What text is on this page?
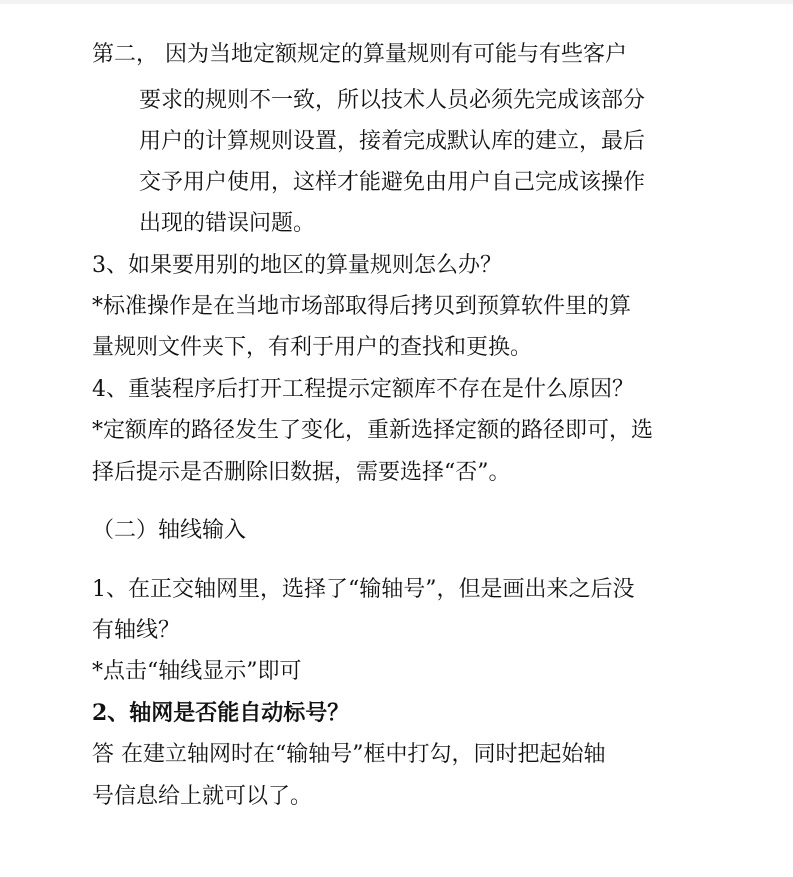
第二， 因为当地定额规定的算量规则有可能与有些客户
要求的规则不一致，所以技术人员必须先完成该部分
用户的计算规则设置，接着完成默认库的建立，最后
交予用户使用，这样才能避免由用户自己完成该操作
出现的错误问题。
3、如果要用别的地区的算量规则怎么办？
*标准操作是在当地市场部取得后拷贝到预算软件里的算
量规则文件夹下，有利于用户的查找和更换。
4、重装程序后打开工程提示定额库不存在是什么原因？
*定额库的路径发生了变化，重新选择定额的路径即可，选
择后提示是否删除旧数据，需要选择“否”。
（二）轴线输入
1、在正交轴网里，选择了“输轴号”，但是画出来之后没
有轴线？
*点击“轴线显示”即可
2、轴网是否能自动标号？
答 在建立轴网时在“输轴号”框中打勾，同时把起始轴
号信息给上就可以了。
